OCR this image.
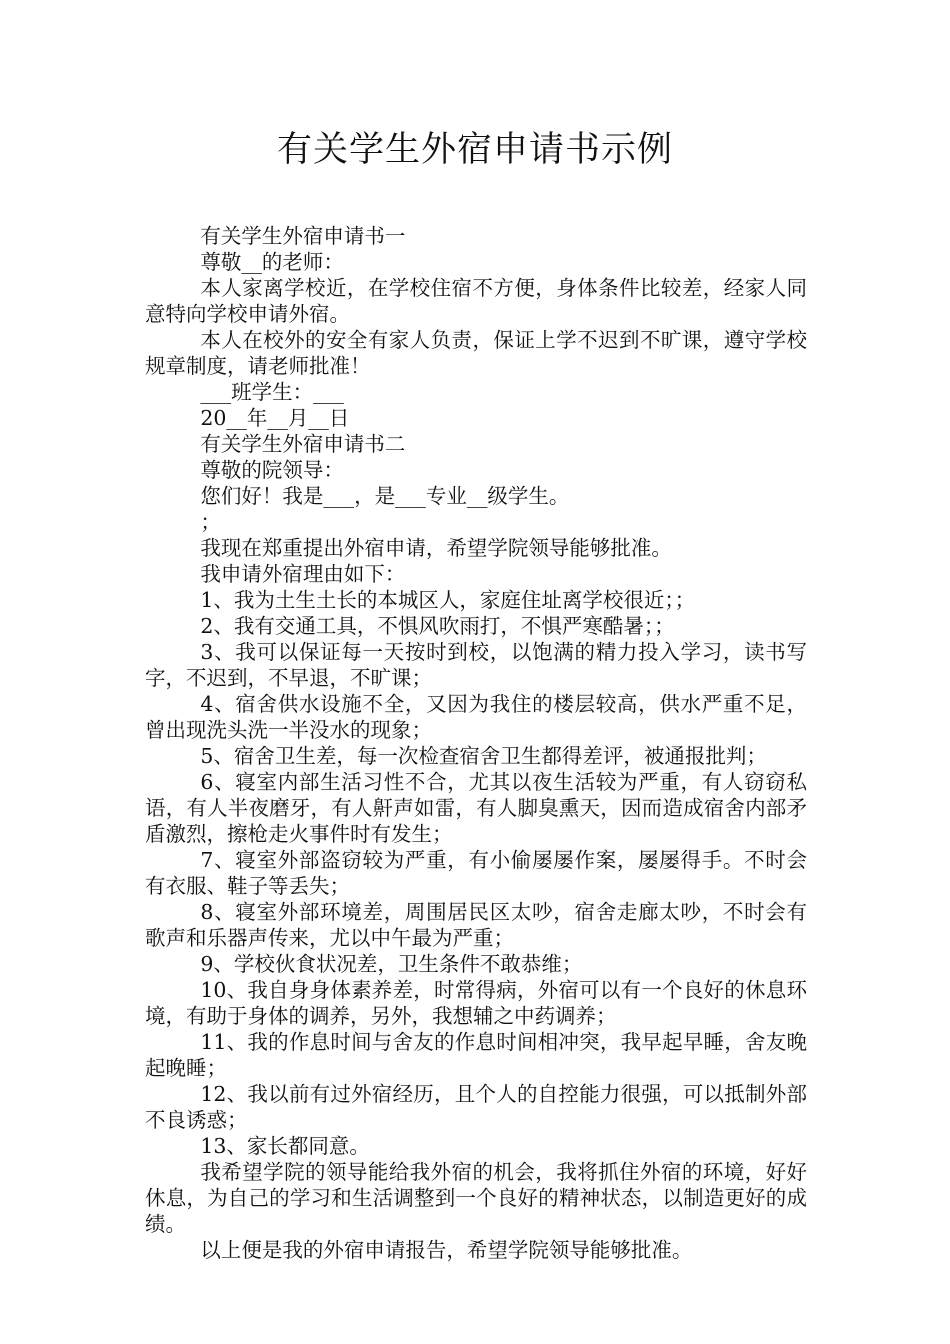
有关学生外宿申请书示例

有关学生外宿申请书一

尊敬__的老师：

本人家离学校近，在学校住宿不方便，身体条件比较差，经家人同意特向学校申请外宿。

本人在校外的安全有家人负责，保证上学不迟到不旷课，遵守学校规章制度，请老师批准！

___班学生：___

20__年__月__日

有关学生外宿申请书二

尊敬的院领导：

您们好！我是___，是___专业__级学生。

；

我现在郑重提出外宿申请，希望学院领导能够批准。

我申请外宿理由如下：

1、我为土生土长的本城区人，家庭住址离学校很近；；

2、我有交通工具，不惧风吹雨打，不惧严寒酷暑；；

3、我可以保证每一天按时到校，以饱满的精力投入学习，读书写字，不迟到，不早退，不旷课；

4、宿舍供水设施不全，又因为我住的楼层较高，供水严重不足，曾出现洗头洗一半没水的现象；

5、宿舍卫生差，每一次检查宿舍卫生都得差评，被通报批判；

6、寝室内部生活习性不合，尤其以夜生活较为严重，有人窃窃私语，有人半夜磨牙，有人鼾声如雷，有人脚臭熏天，因而造成宿舍内部矛盾激烈，擦枪走火事件时有发生；

7、寝室外部盗窃较为严重，有小偷屡屡作案，屡屡得手。不时会有衣服、鞋子等丢失；

8、寝室外部环境差，周围居民区太吵，宿舍走廊太吵，不时会有歌声和乐器声传来，尤以中午最为严重；

9、学校伙食状况差，卫生条件不敢恭维；

10、我自身身体素养差，时常得病，外宿可以有一个良好的休息环境，有助于身体的调养，另外，我想辅之中药调养；

11、我的作息时间与舍友的作息时间相冲突，我早起早睡，舍友晚起晚睡；

12、我以前有过外宿经历，且个人的自控能力很强，可以抵制外部不良诱惑；

13、家长都同意。

我希望学院的领导能给我外宿的机会，我将抓住外宿的环境，好好休息，为自己的学习和生活调整到一个良好的精神状态，以制造更好的成绩。

以上便是我的外宿申请报告，希望学院领导能够批准。
